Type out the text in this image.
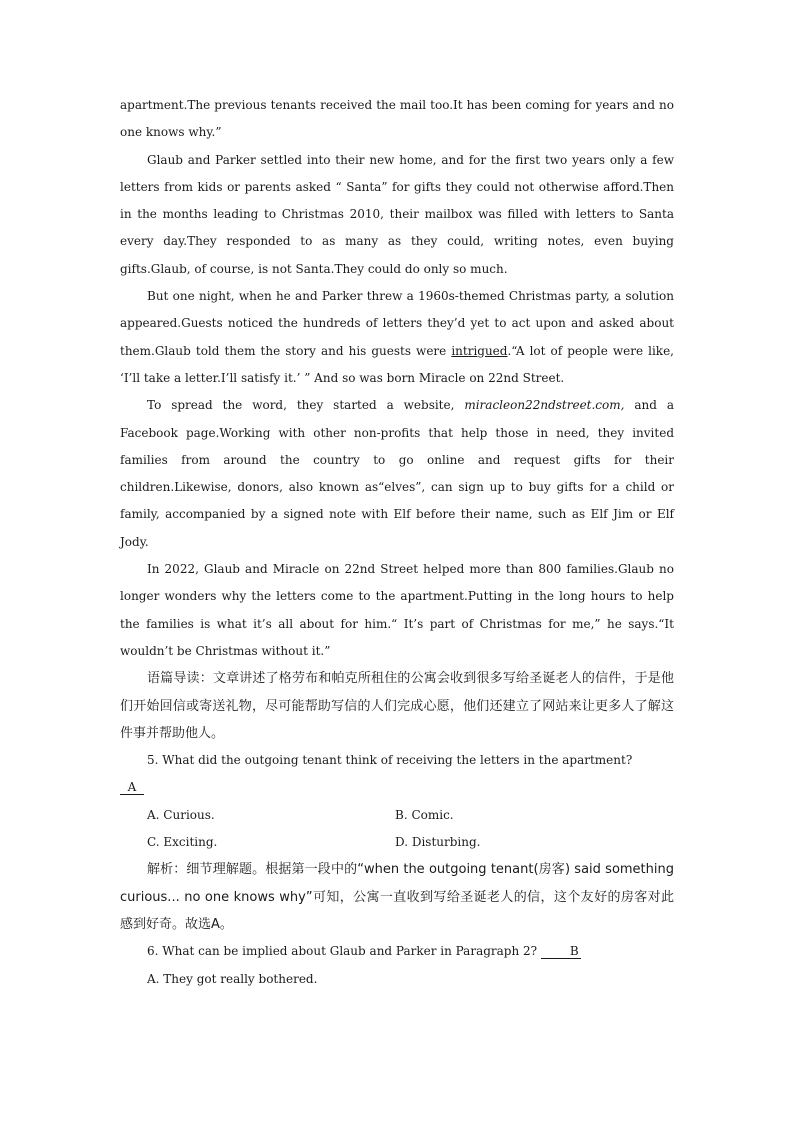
apartment.The previous tenants received the mail too.It has been coming for years and no one knows why.”

Glaub and Parker settled into their new home, and for the first two years only a few letters from kids or parents asked “ Santa” for gifts they could not otherwise afford.Then in the months leading to Christmas 2010, their mailbox was filled with letters to Santa every day.They responded to as many as they could, writing notes, even buying gifts.Glaub, of course, is not Santa.They could do only so much.

But one night, when he and Parker threw a 1960s-themed Christmas party, a solution appeared.Guests noticed the hundreds of letters they’d yet to act upon and asked about them.Glaub told them the story and his guests were intrigued.“A lot of people were like, ‘I’ll take a letter.I’ll satisfy it.’ ” And so was born Miracle on 22nd Street.

To spread the word, they started a website, miracleon22ndstreet.com, and a Facebook page.Working with other non-profits that help those in need, they invited families from around the country to go online and request gifts for their children.Likewise, donors, also known as“elves”, can sign up to buy gifts for a child or family, accompanied by a signed note with Elf before their name, such as Elf Jim or Elf Jody.

In 2022, Glaub and Miracle on 22nd Street helped more than 800 families.Glaub no longer wonders why the letters come to the apartment.Putting in the long hours to help the families is what it’s all about for him.“ It’s part of Christmas for me,” he says.“It wouldn’t be Christmas without it.”

语篇导读：文章讲述了格劳布和帕克所租住的公寓会收到很多写给圣诞老人的信件，于是他们开始回信或寄送礼物，尽可能帮助写信的人们完成心愿，他们还建立了网站来让更多人了解这件事并帮助他人。

5. What did the outgoing tenant think of receiving the letters in the apartment?

A

A. Curious.	B. Comic.
C. Exciting.	D. Disturbing.

解析：细节理解题。根据第一段中的“when the outgoing tenant(房客) said something curious... no one knows why”可知，公寓一直收到写给圣诞老人的信，这个友好的房客对此感到好奇。故选A。

6. What can be implied about Glaub and Parker in Paragraph 2?	B

A. They got really bothered.
